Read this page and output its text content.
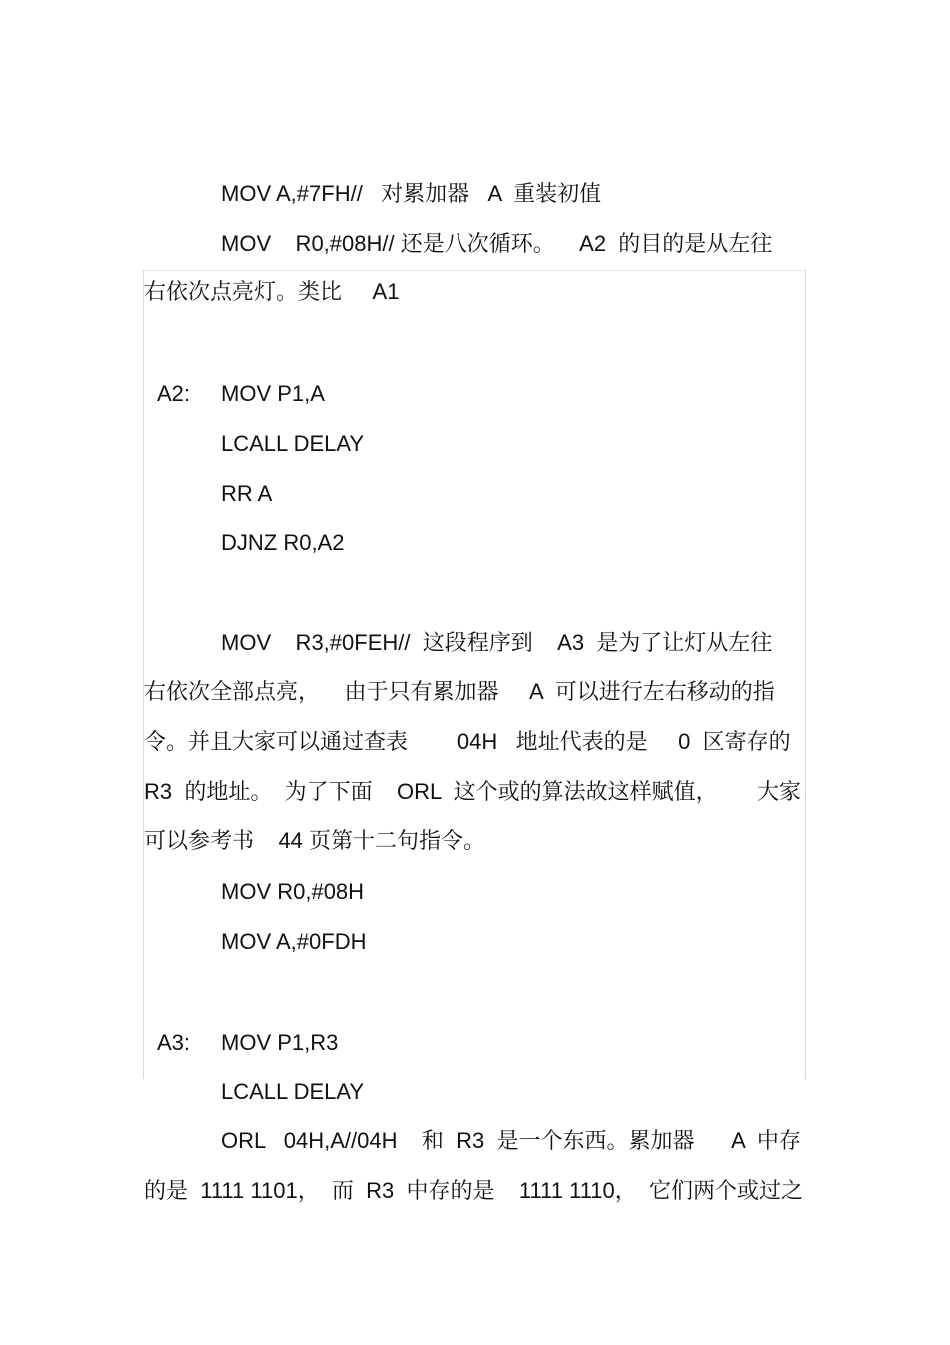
MOV A,#7FH//   对累加器   A  重装初值
MOV    R0,#08H// 还是八次循环。    A2  的目的是从左往
右依次点亮灯。类比     A1
A2: MOV P1,A
LCALL DELAY
RR A
DJNZ R0,A2
MOV    R3,#0FEH//  这段程序到    A3  是为了让灯从左往
右依次全部点亮，    由于只有累加器     A  可以进行左右移动的指
令。并且大家可以通过查表        04H   地址代表的是     0  区寄存的
R3  的地址。  为了下面    ORL  这个或的算法故这样赋值， 大家
可以参考书    44 页第十二句指令。
MOV R0,#08H
MOV A,#0FDH
A3: MOV P1,R3
LCALL DELAY
ORL   04H,A//04H    和  R3  是一个东西。累加器      A  中存
的是  1111 1101，  而  R3  中存的是    1111 1110，  它们两个或过之
